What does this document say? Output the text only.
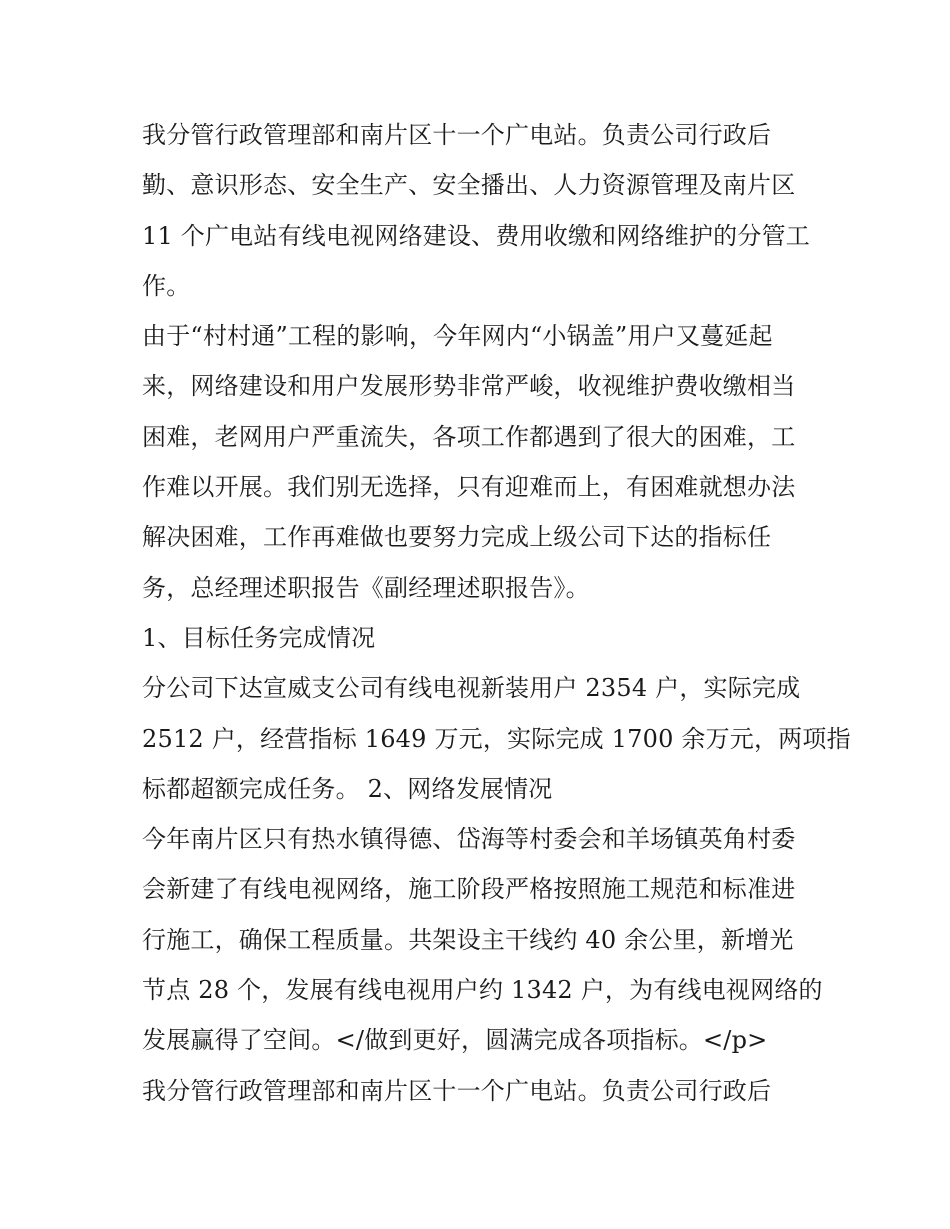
我分管行政管理部和南片区十一个广电站。负责公司行政后
勤、意识形态、安全生产、安全播出、人力资源管理及南片区
11 个广电站有线电视网络建设、费用收缴和网络维护的分管工
作。
由于“村村通”工程的影响，今年网内“小锅盖”用户又蔓延起
来，网络建设和用户发展形势非常严峻，收视维护费收缴相当
困难，老网用户严重流失，各项工作都遇到了很大的困难，工
作难以开展。我们别无选择，只有迎难而上，有困难就想办法
解决困难，工作再难做也要努力完成上级公司下达的指标任
务，总经理述职报告《副经理述职报告》。
1、目标任务完成情况
分公司下达宣威支公司有线电视新装用户 2354 户，实际完成
2512 户，经营指标 1649 万元，实际完成 1700 余万元，两项指
标都超额完成任务。 2、网络发展情况
今年南片区只有热水镇得德、岱海等村委会和羊场镇英角村委
会新建了有线电视网络，施工阶段严格按照施工规范和标准进
行施工，确保工程质量。共架设主干线约 40 余公里，新增光
节点 28 个，发展有线电视用户约 1342 户，为有线电视网络的
发展赢得了空间。</做到更好，圆满完成各项指标。</p>
我分管行政管理部和南片区十一个广电站。负责公司行政后
